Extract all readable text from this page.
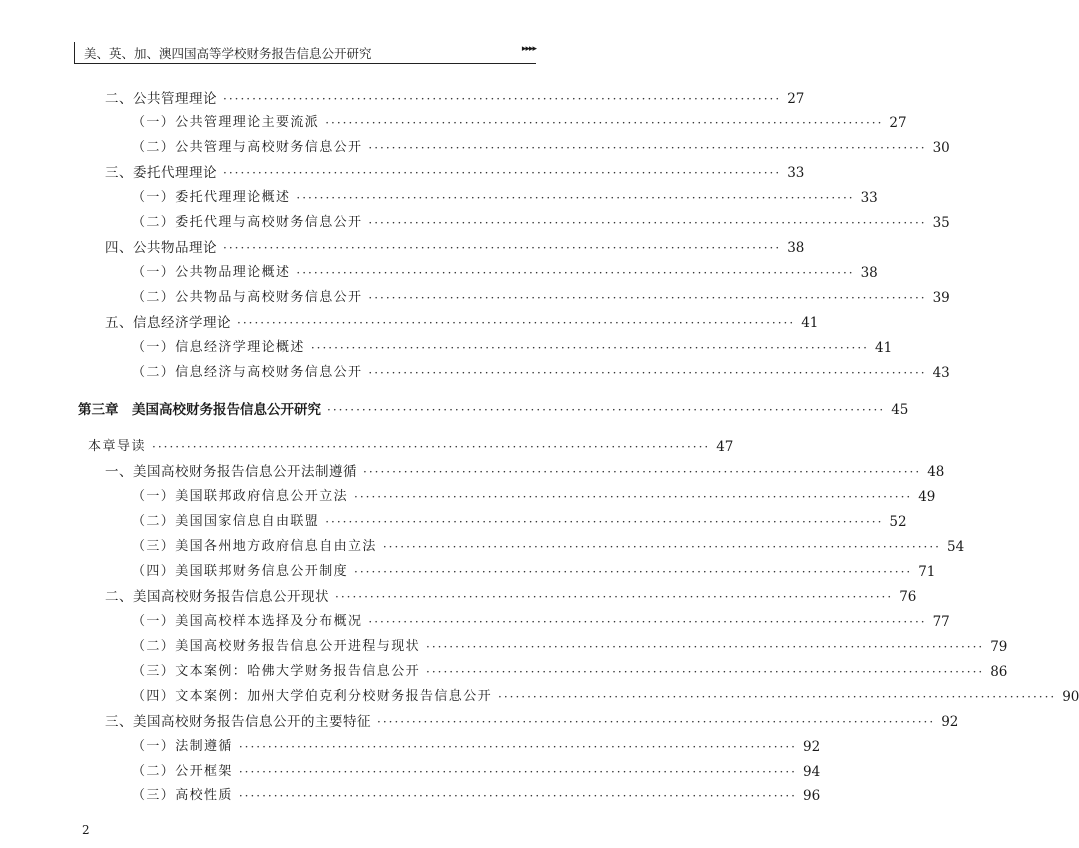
美、英、加、澳四国高等学校财务报告信息公开研究	▸▸▸▸
二、公共管理理论 ································································································ 27
（一）公共管理理论主要流派 ································································································ 27
（二）公共管理与高校财务信息公开 ································································································ 30
三、委托代理理论 ································································································ 33
（一）委托代理理论概述 ································································································ 33
（二）委托代理与高校财务信息公开 ································································································ 35
四、公共物品理论 ································································································ 38
（一）公共物品理论概述 ································································································ 38
（二）公共物品与高校财务信息公开 ································································································ 39
五、信息经济学理论 ································································································ 41
（一）信息经济学理论概述 ································································································ 41
（二）信息经济与高校财务信息公开 ································································································ 43
第三章　美国高校财务报告信息公开研究 ································································································ 45
本章导读 ································································································ 47
一、美国高校财务报告信息公开法制遵循 ································································································ 48
（一）美国联邦政府信息公开立法 ································································································ 49
（二）美国国家信息自由联盟 ································································································ 52
（三）美国各州地方政府信息自由立法 ································································································ 54
（四）美国联邦财务信息公开制度 ································································································ 71
二、美国高校财务报告信息公开现状 ································································································ 76
（一）美国高校样本选择及分布概况 ································································································ 77
（二）美国高校财务报告信息公开进程与现状 ································································································ 79
（三）文本案例：哈佛大学财务报告信息公开 ································································································ 86
（四）文本案例：加州大学伯克利分校财务报告信息公开 ································································································ 90
三、美国高校财务报告信息公开的主要特征 ································································································ 92
（一）法制遵循 ································································································ 92
（二）公开框架 ································································································ 94
（三）高校性质 ································································································ 96
2
